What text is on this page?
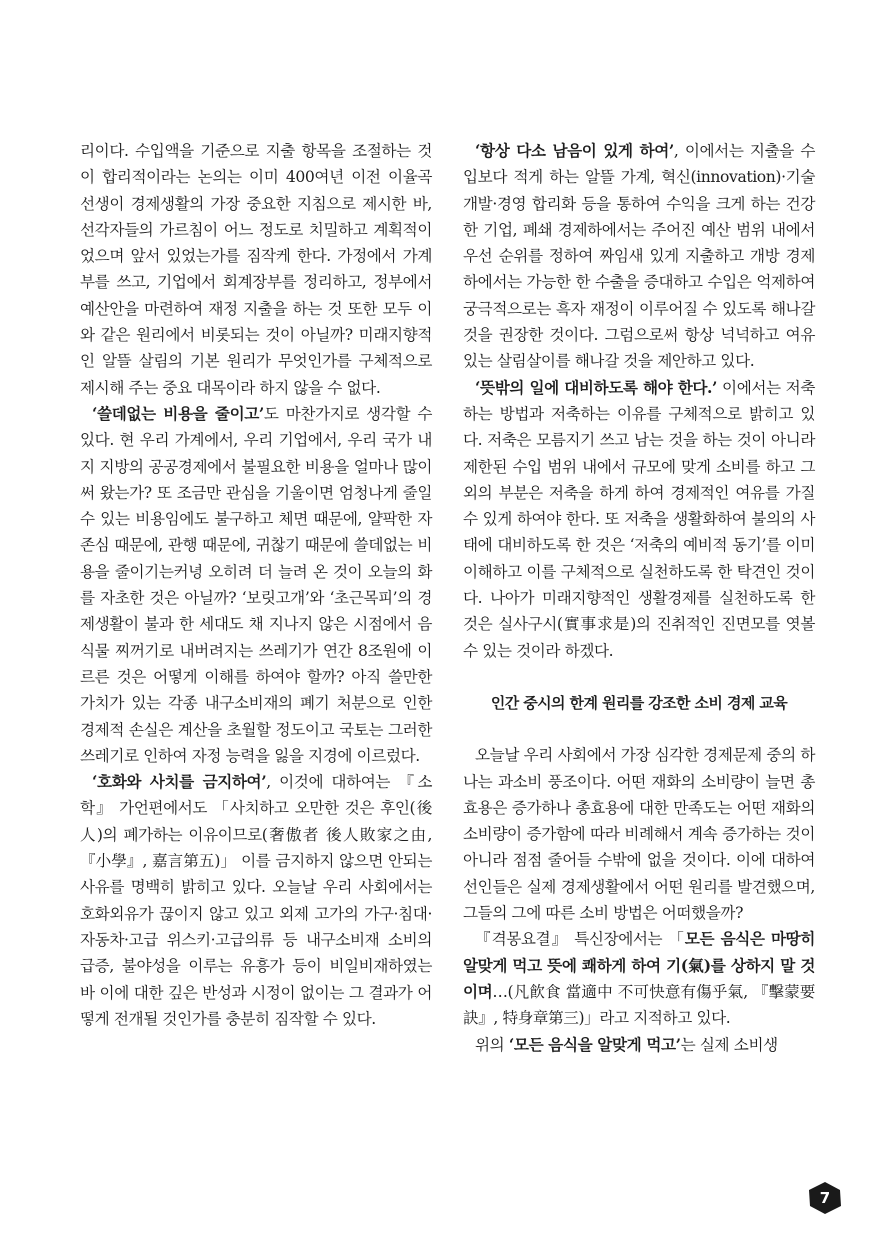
리이다. 수입액을 기준으로 지출 항목을 조절하는 것이 합리적이라는 논의는 이미 400여년 이전 이율곡 선생이 경제생활의 가장 중요한 지침으로 제시한 바, 선각자들의 가르침이 어느 정도로 치밀하고 계획적이었으며 앞서 있었는가를 짐작케 한다. 가정에서 가계부를 쓰고, 기업에서 회계장부를 정리하고, 정부에서 예산안을 마련하여 재정 지출을 하는 것 또한 모두 이와 같은 원리에서 비롯되는 것이 아닐까? 미래지향적인 알뜰 살림의 기본 원리가 무엇인가를 구체적으로 제시해 주는 중요 대목이라 하지 않을 수 없다.

‘쓸데없는 비용을 줄이고’도 마찬가지로 생각할 수 있다. 현 우리 가계에서, 우리 기업에서, 우리 국가 내지 지방의 공공경제에서 불필요한 비용을 얼마나 많이 써 왔는가? 또 조금만 관심을 기울이면 엄청나게 줄일 수 있는 비용임에도 불구하고 체면 때문에, 얄팍한 자존심 때문에, 관행 때문에, 귀찮기 때문에 쓸데없는 비용을 줄이기는커녕 오히려 더 늘려 온 것이 오늘의 화를 자초한 것은 아닐까? ‘보릿고개’와 ‘초근목피’의 경제생활이 불과 한 세대도 채 지나지 않은 시점에서 음식물 찌꺼기로 내버려지는 쓰레기가 연간 8조원에 이르른 것은 어떻게 이해를 하여야 할까? 아직 쓸만한 가치가 있는 각종 내구소비재의 폐기 처분으로 인한 경제적 손실은 계산을 초월할 정도이고 국토는 그러한 쓰레기로 인하여 자정 능력을 잃을 지경에 이르렀다.

‘호화와 사치를 금지하여’, 이것에 대하여는 『소학』 가언편에서도 「사치하고 오만한 것은 후인(後人)의 폐가하는 이유이므로(奢傲者 後人敗家之由, 『小學』, 嘉言第五)」 이를 금지하지 않으면 안되는 사유를 명백히 밝히고 있다. 오늘날 우리 사회에서는 호화외유가 끊이지 않고 있고 외제 고가의 가구·침대·자동차·고급 위스키·고급의류 등 내구소비재 소비의 급증, 불야성을 이루는 유흥가 등이 비일비재하였는 바 이에 대한 깊은 반성과 시정이 없이는 그 결과가 어떻게 전개될 것인가를 충분히 짐작할 수 있다.

‘항상 다소 남음이 있게 하여’, 이에서는 지출을 수입보다 적게 하는 알뜰 가계, 혁신(innovation)·기술개발·경영 합리화 등을 통하여 수익을 크게 하는 건강한 기업, 폐쇄 경제하에서는 주어진 예산 범위 내에서 우선 순위를 정하여 짜임새 있게 지출하고 개방 경제하에서는 가능한 한 수출을 증대하고 수입은 억제하여 궁극적으로는 흑자 재정이 이루어질 수 있도록 해나갈 것을 권장한 것이다. 그럼으로써 항상 넉넉하고 여유 있는 살림살이를 해나갈 것을 제안하고 있다.

‘뜻밖의 일에 대비하도록 해야 한다.’ 이에서는 저축하는 방법과 저축하는 이유를 구체적으로 밝히고 있다. 저축은 모름지기 쓰고 남는 것을 하는 것이 아니라 제한된 수입 범위 내에서 규모에 맞게 소비를 하고 그 외의 부분은 저축을 하게 하여 경제적인 여유를 가질 수 있게 하여야 한다. 또 저축을 생활화하여 불의의 사태에 대비하도록 한 것은 ‘저축의 예비적 동기’를 이미 이해하고 이를 구체적으로 실천하도록 한 탁견인 것이다. 나아가 미래지향적인 생활경제를 실천하도록 한 것은 실사구시(實事求是)의 진취적인 진면모를 엿볼 수 있는 것이라 하겠다.

인간 중시의 한계 원리를 강조한 소비 경제 교육

오늘날 우리 사회에서 가장 심각한 경제문제 중의 하나는 과소비 풍조이다. 어떤 재화의 소비량이 늘면 총효용은 증가하나 총효용에 대한 만족도는 어떤 재화의 소비량이 증가함에 따라 비례해서 계속 증가하는 것이 아니라 점점 줄어들 수밖에 없을 것이다. 이에 대하여 선인들은 실제 경제생활에서 어떤 원리를 발견했으며, 그들의 그에 따른 소비 방법은 어떠했을까?

『격몽요결』 특신장에서는 「모든 음식은 마땅히 알맞게 먹고 뜻에 쾌하게 하여 기(氣)를 상하지 말 것이며…(凡飮食 當適中 不可快意有傷乎氣, 『擊蒙要訣』, 特身章第三)」라고 지적하고 있다.

위의 ‘모든 음식을 알맞게 먹고’는 실제 소비생

7
